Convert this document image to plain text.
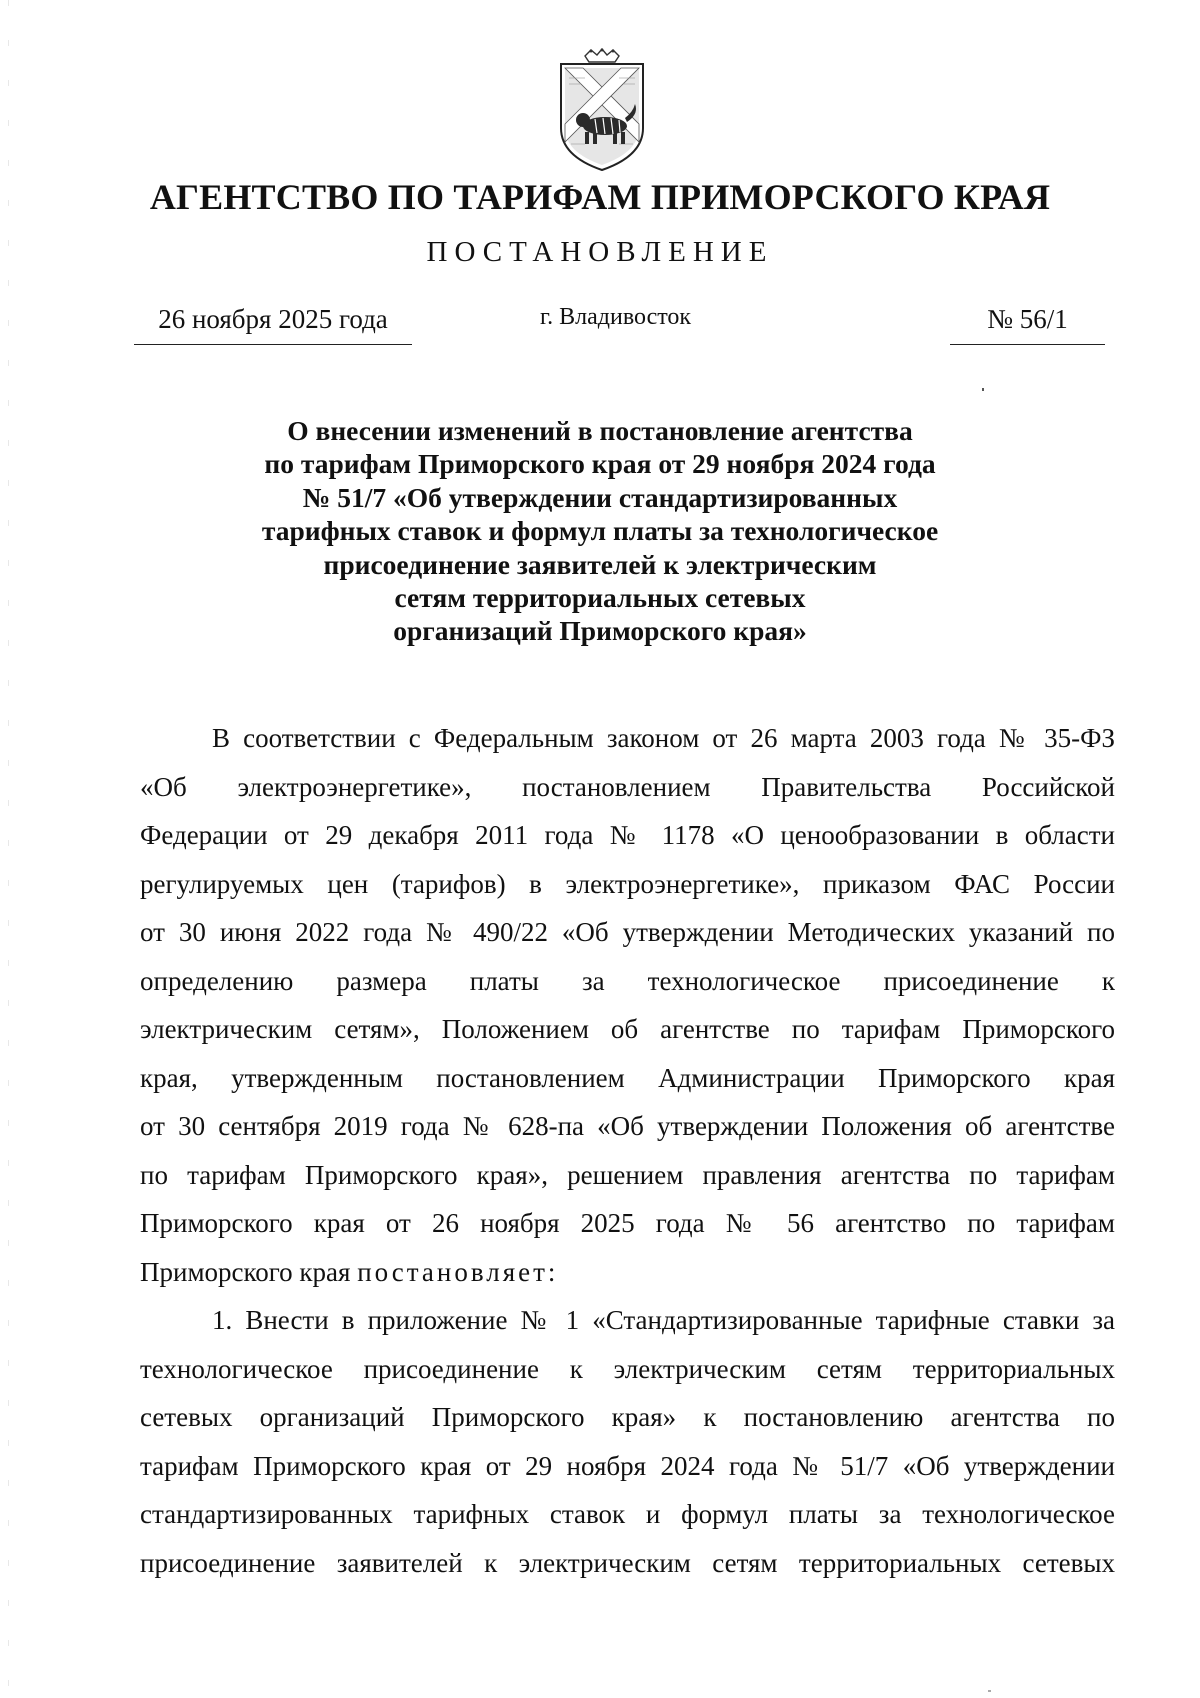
АГЕНТСТВО ПО ТАРИФАМ ПРИМОРСКОГО КРАЯ
ПОСТАНОВЛЕНИЕ
26 ноября 2025 года	г. Владивосток	№ 56/1
О внесении изменений в постановление агентства
по тарифам Приморского края от 29 ноября 2024 года
№ 51/7 «Об утверждении стандартизированных
тарифных ставок и формул платы за технологическое
присоединение заявителей к электрическим
сетям территориальных сетевых
организаций Приморского края»
В соответствии с Федеральным законом от 26 марта 2003 года № 35-ФЗ
«Об электроэнергетике», постановлением Правительства Российской
Федерации от 29 декабря 2011 года № 1178 «О ценообразовании в области
регулируемых цен (тарифов) в электроэнергетике», приказом ФАС России
от 30 июня 2022 года № 490/22 «Об утверждении Методических указаний по
определению размера платы за технологическое присоединение к
электрическим сетям», Положением об агентстве по тарифам Приморского
края, утвержденным постановлением Администрации Приморского края
от 30 сентября 2019 года № 628-па «Об утверждении Положения об агентстве
по тарифам Приморского края», решением правления агентства по тарифам
Приморского края от 26 ноября 2025 года № 56 агентство по тарифам
Приморского края постановляет:
1. Внести в приложение № 1 «Стандартизированные тарифные ставки за
технологическое присоединение к электрическим сетям территориальных
сетевых организаций Приморского края» к постановлению агентства по
тарифам Приморского края от 29 ноября 2024 года № 51/7 «Об утверждении
стандартизированных тарифных ставок и формул платы за технологическое
присоединение заявителей к электрическим сетям территориальных сетевых
